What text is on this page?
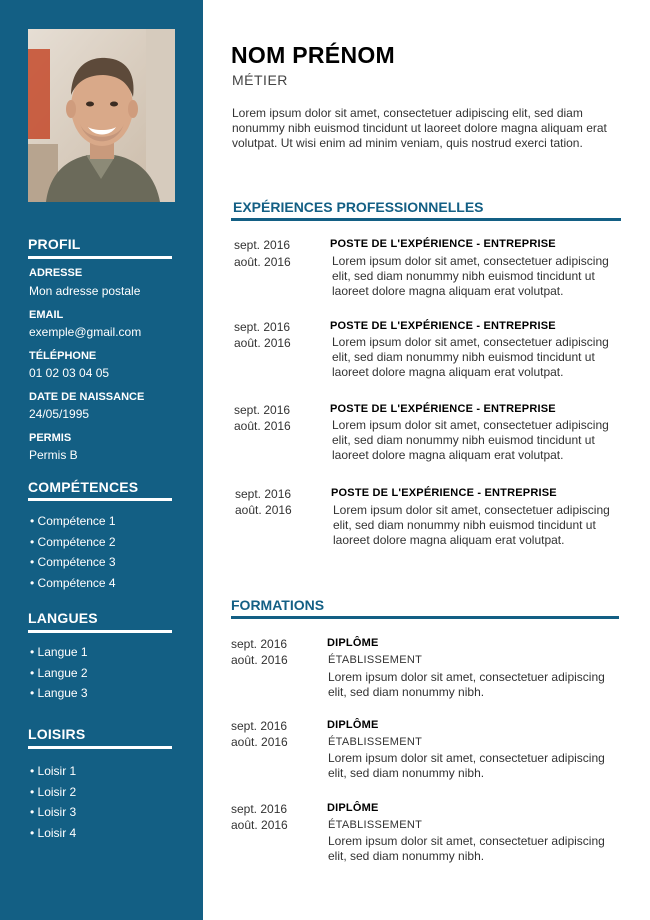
PROFIL
ADRESSE
Mon adresse postale
EMAIL
exemple@gmail.com
TÉLÉPHONE
01 02 03 04 05
DATE DE NAISSANCE
24/05/1995
PERMIS
Permis B
COMPÉTENCES
• Compétence 1
• Compétence 2
• Compétence 3
• Compétence 4
LANGUES
• Langue 1
• Langue 2
• Langue 3
LOISIRS
• Loisir 1
• Loisir 2
• Loisir 3
• Loisir 4
NOM PRÉNOM
MÉTIER
Lorem ipsum dolor sit amet, consectetuer adipiscing elit, sed diam nonummy nibh euismod tincidunt ut laoreet dolore magna aliquam erat volutpat. Ut wisi enim ad minim veniam, quis nostrud exerci tation.
EXPÉRIENCES PROFESSIONNELLES
sept. 2016
août. 2016
POSTE DE L'EXPÉRIENCE - ENTREPRISE
Lorem ipsum dolor sit amet, consectetuer adipiscing elit, sed diam nonummy nibh euismod tincidunt ut laoreet dolore magna aliquam erat volutpat.
sept. 2016
août. 2016
POSTE DE L'EXPÉRIENCE - ENTREPRISE
Lorem ipsum dolor sit amet, consectetuer adipiscing elit, sed diam nonummy nibh euismod tincidunt ut laoreet dolore magna aliquam erat volutpat.
sept. 2016
août. 2016
POSTE DE L'EXPÉRIENCE - ENTREPRISE
Lorem ipsum dolor sit amet, consectetuer adipiscing elit, sed diam nonummy nibh euismod tincidunt ut laoreet dolore magna aliquam erat volutpat.
sept. 2016
août. 2016
POSTE DE L'EXPÉRIENCE - ENTREPRISE
Lorem ipsum dolor sit amet, consectetuer adipiscing elit, sed diam nonummy nibh euismod tincidunt ut laoreet dolore magna aliquam erat volutpat.
FORMATIONS
sept. 2016
août. 2016
DIPLÔME
ÉTABLISSEMENT
Lorem ipsum dolor sit amet, consectetuer adipiscing elit, sed diam nonummy nibh.
sept. 2016
août. 2016
DIPLÔME
ÉTABLISSEMENT
Lorem ipsum dolor sit amet, consectetuer adipiscing elit, sed diam nonummy nibh.
sept. 2016
août. 2016
DIPLÔME
ÉTABLISSEMENT
Lorem ipsum dolor sit amet, consectetuer adipiscing elit, sed diam nonummy nibh.
